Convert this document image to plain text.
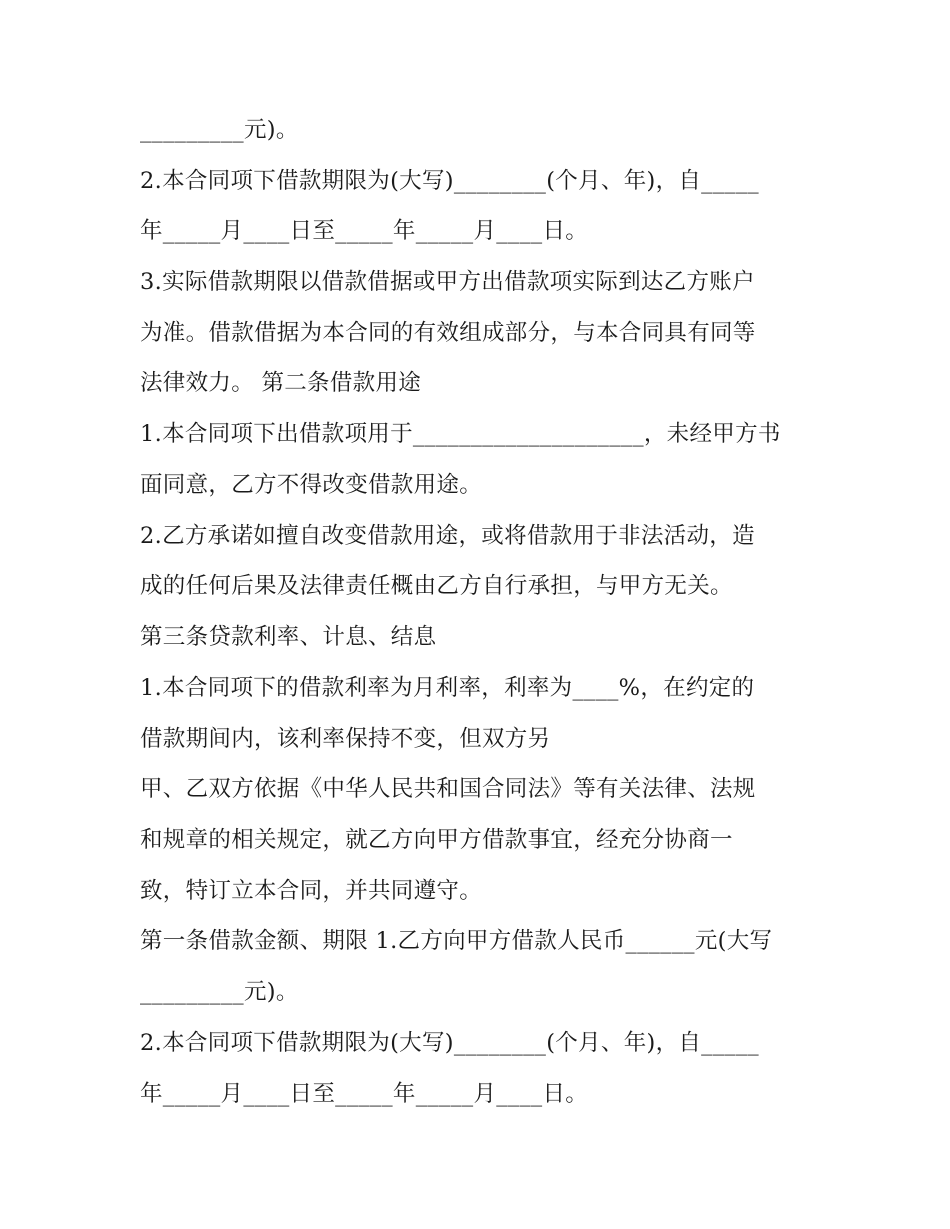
_________元)。
2.本合同项下借款期限为(大写)________(个月、年)，自_____
年_____月____日至_____年_____月____日。
3.实际借款期限以借款借据或甲方出借款项实际到达乙方账户
为准。借款借据为本合同的有效组成部分，与本合同具有同等
法律效力。 第二条借款用途
1.本合同项下出借款项用于____________________，未经甲方书
面同意，乙方不得改变借款用途。
2.乙方承诺如擅自改变借款用途，或将借款用于非法活动，造
成的任何后果及法律责任概由乙方自行承担，与甲方无关。
第三条贷款利率、计息、结息
1.本合同项下的借款利率为月利率，利率为____%，在约定的
借款期间内，该利率保持不变，但双方另
甲、乙双方依据《中华人民共和国合同法》等有关法律、法规
和规章的相关规定，就乙方向甲方借款事宜，经充分协商一
致，特订立本合同，并共同遵守。
第一条借款金额、期限 1.乙方向甲方借款人民币______元(大写
_________元)。
2.本合同项下借款期限为(大写)________(个月、年)，自_____
年_____月____日至_____年_____月____日。
